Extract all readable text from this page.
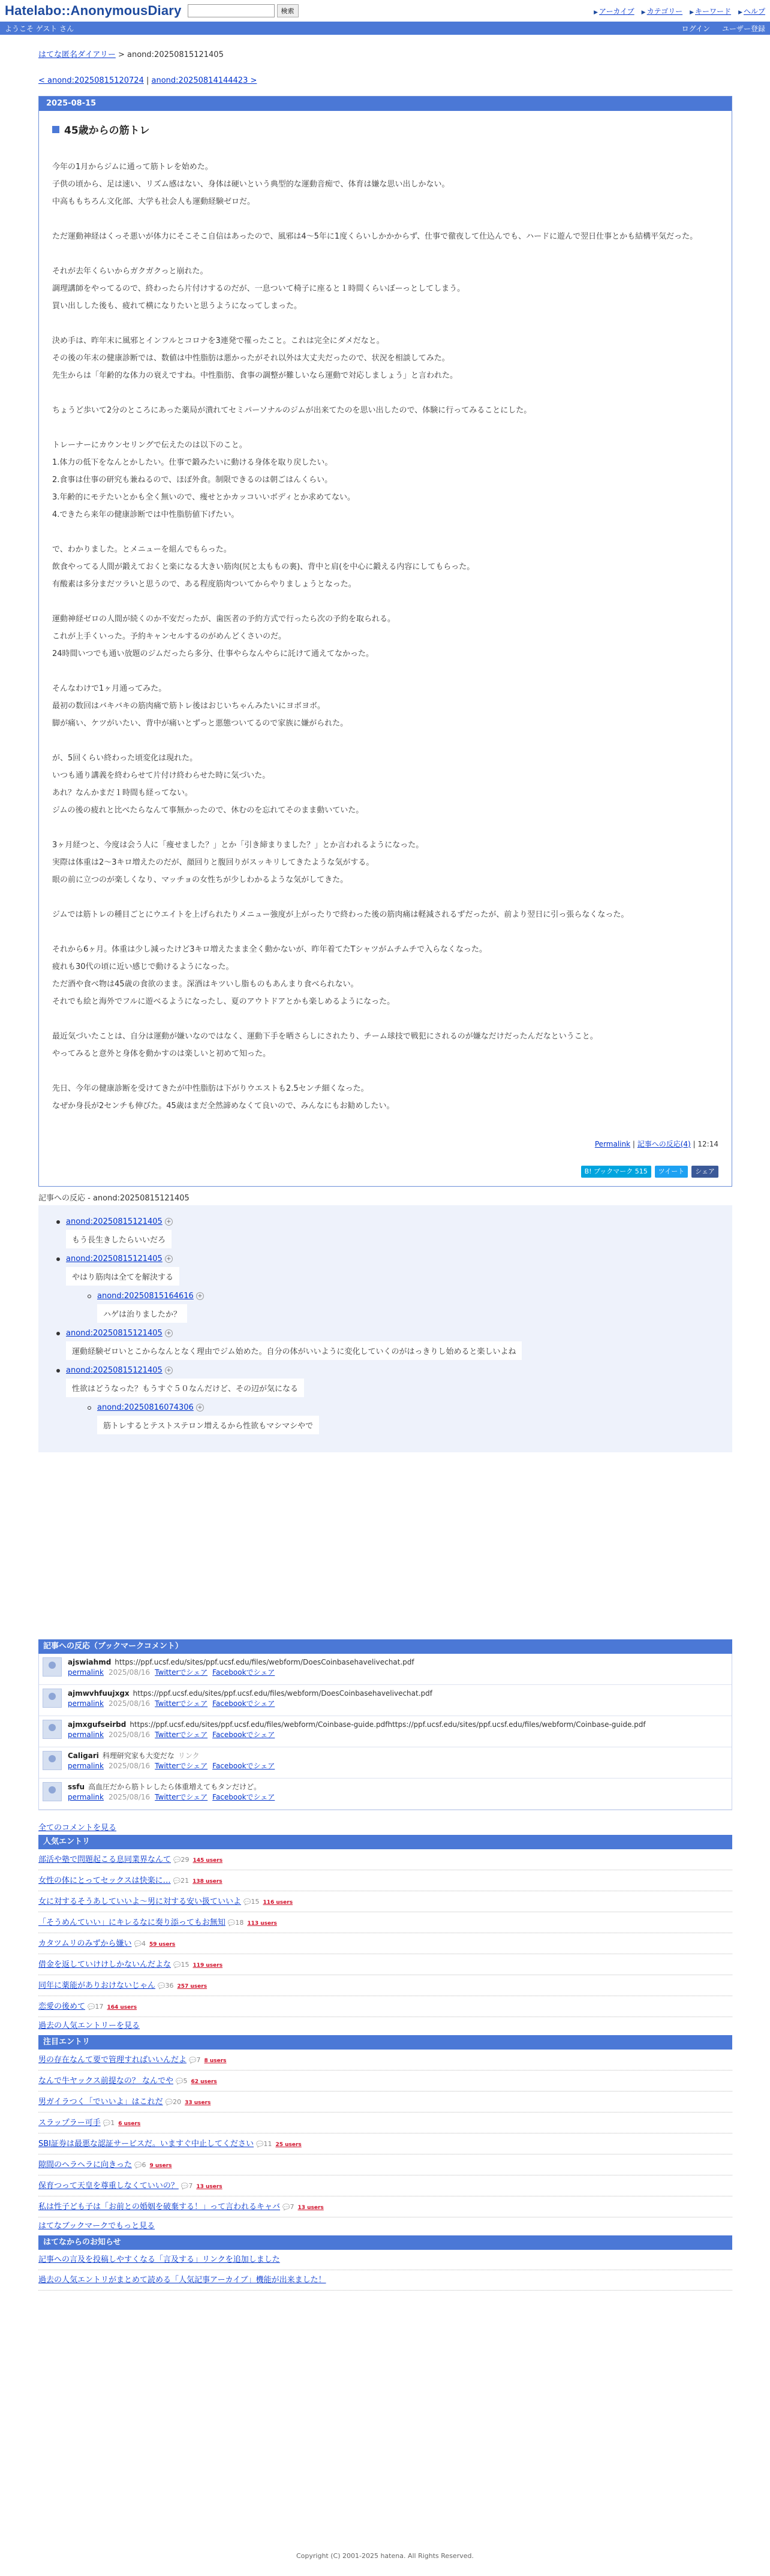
Hatelabo::AnonymousDiary	検索	▶ アーカイブ ▶ カテゴリー ▶ キーワード ▶ ヘルプ
ようこそ ゲスト さん	ログイン ユーザー登録
はてな匿名ダイアリー > anond:20250815121405
< anond:20250815120724 | anond:20250814144423 >
2025-08-15
45歳からの筋トレ

今年の1月からジムに通って筋トレを始めた。

子供の頃から、足は速い、リズム感はない、身体は硬いという典型的な運動音痴で、体育は嫌な思い出しかない。

中高ももちろん文化部、大学も社会人も運動経験ゼロだ。

ただ運動神経はくっそ悪いが体力にそこそこ自信はあったので、風邪は4〜5年に1度くらいしかかからず、仕事で徹夜して仕込んでも、ハードに遊んで翌日仕事とかも結構平気だった。

それが去年くらいからガクガクっと崩れた。

調理講師をやってるので、終わったら片付けするのだが、一息ついて椅子に座ると１時間くらいぼーっとしてしまう。

買い出しした後も、疲れて横になりたいと思うようになってしまった。

決め手は、昨年末に風邪とインフルとコロナを3連発で罹ったこと。これは完全にダメだなと。

その後の年末の健康診断では、数値は中性脂肪は悪かったがそれ以外は大丈夫だったので、状況を相談してみた。

先生からは「年齢的な体力の衰えですね。中性脂肪、食事の調整が難しいなら運動で対応しましょう」と言われた。

ちょうど歩いて2分のところにあった薬局が潰れてセミパーソナルのジムが出来てたのを思い出したので、体験に行ってみることにした。

トレーナーにカウンセリングで伝えたのは以下のこと。

1.体力の低下をなんとかしたい。仕事で鍛みたいに動ける身体を取り戻したい。

2.食事は仕事の研究も兼ねるので、ほぼ外食。制限できるのは朝ごはんくらい。

3.年齢的にモテたいとかも全く無いので、痩せとかカッコいいボディとか求めてない。

4.できたら来年の健康診断では中性脂肪値下げたい。

で、わかりました。とメニューを組んでもらった。

飲食やってる人間が鍛えておくと楽になる大きい筋肉(尻と太ももの裏)、背中と肩(を中心に鍛える内容にしてもらった。

有酸素は多分まだツラいと思うので、ある程度筋肉ついてからやりましょうとなった。

運動神経ゼロの人間が続くのか不安だったが、歯医者の予約方式で行ったら次の予約を取られる。

これが上手くいった。予約キャンセルするのがめんどくさいのだ。

24時間いつでも通い放題のジムだったら多分、仕事やらなんやらに託けて通えてなかった。

そんなわけで1ヶ月通ってみた。

最初の数回はバキバキの筋肉痛で筋トレ後はおじいちゃんみたいにヨボヨボ。

脚が痛い、ケツがいたい、背中が痛いとずっと悪態ついてるので家族に嫌がられた。

が、5回くらい終わった頃変化は現れた。

いつも通り講義を終わらせて片付け終わらせた時に気づいた。

あれ？なんかまだ１時間も経ってない。

ジムの後の疲れと比べたらなんて事無かったので、休むのを忘れてそのまま動いていた。

3ヶ月経つと、今度は会う人に「痩せました？」とか「引き締まりました？」とか言われるようになった。

実際は体重は2〜3キロ増えたのだが、顔回りと腹回りがスッキリしてきたような気がする。

眼の前に立つのが楽しくなり、マッチョの女性ちが少しわかるような気がしてきた。

ジムでは筋トレの種目ごとにウエイトを上げられたりメニュー強度が上がったりで終わった後の筋肉痛は軽減されるずだったが、前より翌日に引っ張らなくなった。

それから6ヶ月。体重は少し減ったけど3キロ増えたまま全く動かないが、昨年着てたTシャツがムチムチで入らなくなった。

疲れも30代の頃に近い感じで動けるようになった。

ただ酒や食べ物は45歳の食欲のまま。深酒はキツいし脂ものもあんまり食べられない。

それでも絵と海外でフルに遊べるようになったし、夏のアウトドアとかも楽しめるようになった。

最近気づいたことは、自分は運動が嫌いなのではなく、運動下手を晒さらしにされたり、チーム球技で戦犯にされるのが嫌なだけだったんだなということ。

やってみると意外と身体を動かすのは楽しいと初めて知った。

先日、今年の健康診断を受けてきたが中性脂肪は下がりウエストも2.5センチ細くなった。

なぜか身長が2センチも伸びた。45歳はまだ全然諦めなくて良いので、みんなにもお勧めしたい。

Permalink | 記事への反応(4) | 12:14
B! ブックマーク 515	ツイート	シェア
記事への反応 - anond:20250815121405
anond:20250815121405 +
もう長生きしたらいいだろ
anond:20250815121405 +
やはり筋肉は全てを解決する
anond:20250815164616 +
ハゲは治りましたか？
anond:20250815121405 +
運動経験ゼロいとこからなんとなく理由でジム始めた。自分の体がいいように変化していくのがはっきりし始めると楽しいよね
anond:20250815121405 +
性欲はどうなった？もうすぐ５０なんだけど、その辺が気になる
anond:20250816074306 +
筋トレするとテストステロン増えるから性欲もマシマシやで
記事への反応（ブックマークコメント）
ajswiahmd https://ppf.ucsf.edu/sites/ppf.ucsf.edu/files/webform/DoesCoinbasehavelivechat.pdf
permalink 2025/08/16 Twitterでシェア Facebookでシェア
ajmwvhfuujxgx https://ppf.ucsf.edu/sites/ppf.ucsf.edu/files/webform/DoesCoinbasehavelivechat.pdf
permalink 2025/08/16 Twitterでシェア Facebookでシェア
ajmxgufseirbd https://ppf.ucsf.edu/sites/ppf.ucsf.edu/files/webform/Coinbase-guide.pdfhttps://ppf.ucsf.edu/sites/ppf.ucsf.edu/files/webform/Coinbase-guide.pdf
permalink 2025/08/16 Twitterでシェア Facebookでシェア
Caligari 科理研究家も大変だな リンク
permalink 2025/08/16 Twitterでシェア Facebookでシェア
ssfu 高血圧だから筋トレしたら体重増えてもタンだけど。
permalink 2025/08/16 Twitterでシェア Facebookでシェア
全てのコメントを見る
人気エントリ
部活や塾で問題起こる息同業界なんて 💬29 145 users
女性の体にとってセックスは快楽に… 💬21 138 users
女に対するそうあしていいよ～男に対する安い扱ていいよ 💬15 116 users
「そうめんていい」にキレるなに奏り添ってもお無知 💬18 113 users
カタツムリのみずから嫌い 💬4 59 users
借金を返していけけしかないんだよな 💬15 119 users
同年に薬能がありおけないじゃん 💬36 257 users
恋愛の後めて 💬17 164 users
過去の人気エントリーを見る
注目エントリ
男の存在なんて要で管理すればいいんだよ 💬7 8 users
なんで牛ヤックス前提なの？ なんでや 💬5 62 users
男ガイラつく「でいいよ」はこれだ 💬20 33 users
スラップラー可手 💬1 6 users
SBI証券は最悪な認証サービスだ。いますぐ中止してください 💬11 25 users
隙間のヘラヘラに向きった 💬6 9 users
保育つって天皇を尊重しなくていいの？ 💬7 13 users
私は性子ども子は「お前との婚姻を破棄する！」って言われるキャバ 💬7 13 users
はてなブックマークでもっと見る
はてなからのお知らせ
記事への言及を投稿しやすくなる「言及する」リンクを追加しました
過去の人気エントリがまとめて読める「人気記事アーカイブ」機能が出来ました！
Copyright (C) 2001-2025 hatena. All Rights Reserved.
